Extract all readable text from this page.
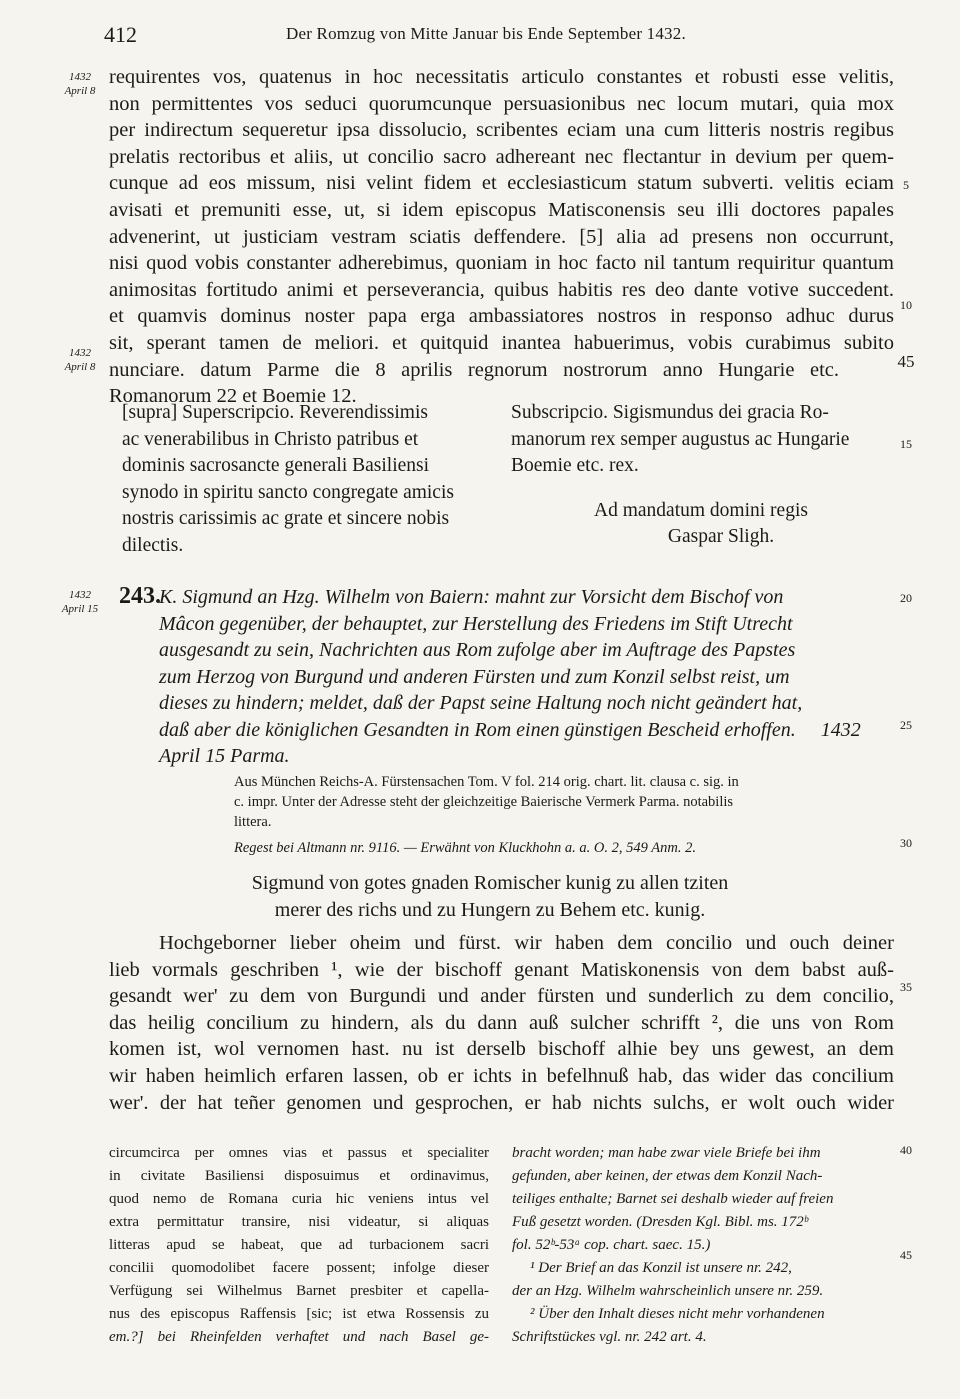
412	Der Romzug von Mitte Januar bis Ende September 1432.
1432
April 8
1432
April 8
1432
April 15
5
10
45
15
20
25
30
35
40
45
requirentes vos, quatenus in hoc necessitatis articulo constantes et robusti esse velitis,
non permittentes vos seduci quorumcunque persuasionibus nec locum mutari, quia mox
per indirectum sequeretur ipsa dissolucio, scribentes eciam una cum litteris nostris regibus
prelatis rectoribus et aliis, ut concilio sacro adhereant nec flectantur in devium per quem-
cunque ad eos missum, nisi velint fidem et ecclesiasticum statum subverti. velitis eciam
avisati et premuniti esse, ut, si idem episcopus Matisconensis seu illi doctores papales
advenerint, ut justiciam vestram sciatis deffendere. [5] alia ad presens non occurrunt,
nisi quod vobis constanter adherebimus, quoniam in hoc facto nil tantum requiritur quantum
animositas fortitudo animi et perseverancia, quibus habitis res deo dante votive succedent.
et quamvis dominus noster papa erga ambassiatores nostros in responso adhuc durus
sit, sperant tamen de meliori. et quitquid inantea habuerimus, vobis curabimus subito
nunciare. datum Parme die 8 aprilis regnorum nostrorum anno Hungarie etc.
Romanorum 22 et Boemie 12.
[supra] Superscripcio. Reverendissimis
ac venerabilibus in Christo patribus et
dominis sacrosancte generali Basiliensi
synodo in spiritu sancto congregate amicis
nostris carissimis ac grate et sincere nobis
dilectis.
Subscripcio. Sigismundus dei gracia Ro-
manorum rex semper augustus ac Hungarie
Boemie etc. rex.
Ad mandatum domini regis
Gaspar Sligh.
243.
K. Sigmund an Hzg. Wilhelm von Baiern: mahnt zur Vorsicht dem Bischof von
Mâcon gegenüber, der behauptet, zur Herstellung des Friedens im Stift Utrecht
ausgesandt zu sein, Nachrichten aus Rom zufolge aber im Auftrage des Papstes
zum Herzog von Burgund und anderen Fürsten und zum Konzil selbst reist, um
dieses zu hindern; meldet, daß der Papst seine Haltung noch nicht geändert hat,
daß aber die königlichen Gesandten in Rom einen günstigen Bescheid erhoffen. 1432
April 15 Parma.
Aus München Reichs-A. Fürstensachen Tom. V fol. 214 orig. chart. lit. clausa c. sig. in
c. impr. Unter der Adresse steht der gleichzeitige Baierische Vermerk Parma. notabilis
littera.
Regest bei Altmann nr. 9116. — Erwähnt von Kluckhohn a. a. O. 2, 549 Anm. 2.
Sigmund von gotes gnaden Romischer kunig zu allen tziten
merer des richs und zu Hungern zu Behem etc. kunig.
Hochgeborner lieber oheim und fürst. wir haben dem concilio und ouch deiner
lieb vormals geschriben ¹, wie der bischoff genant Matiskonensis von dem babst auß-
gesandt wer' zu dem von Burgundi und ander fürsten und sunderlich zu dem concilio,
das heilig concilium zu hindern, als du dann auß sulcher schrifft ², die uns von Rom
komen ist, wol vernomen hast. nu ist derselb bischoff alhie bey uns gewest, an dem
wir haben heimlich erfaren lassen, ob er ichts in befelhnuß hab, das wider das concilium
wer'. der hat teñer genomen und gesprochen, er hab nichts sulchs, er wolt ouch wider
circumcirca per omnes vias et passus et specialiter
in civitate Basiliensi disposuimus et ordinavimus,
quod nemo de Romana curia hic veniens intus vel
extra permittatur transire, nisi videatur, si aliquas
litteras apud se habeat, que ad turbacionem sacri
concilii quomodolibet facere possent; infolge dieser
Verfügung sei Wilhelmus Barnet presbiter et capella-
nus des episcopus Raffensis [sic; ist etwa Rossensis zu
em.?] bei Rheinfelden verhaftet und nach Basel ge-
bracht worden; man habe zwar viele Briefe bei ihm
gefunden, aber keinen, der etwas dem Konzil Nach-
teiliges enthalte; Barnet sei deshalb wieder auf freien
Fuß gesetzt worden. (Dresden Kgl. Bibl. ms. 172ᵇ
fol. 52ᵇ-53ᵃ cop. chart. saec. 15.)
¹ Der Brief an das Konzil ist unsere nr. 242,
der an Hzg. Wilhelm wahrscheinlich unsere nr. 259.
² Über den Inhalt dieses nicht mehr vorhandenen
Schriftstückes vgl. nr. 242 art. 4.
